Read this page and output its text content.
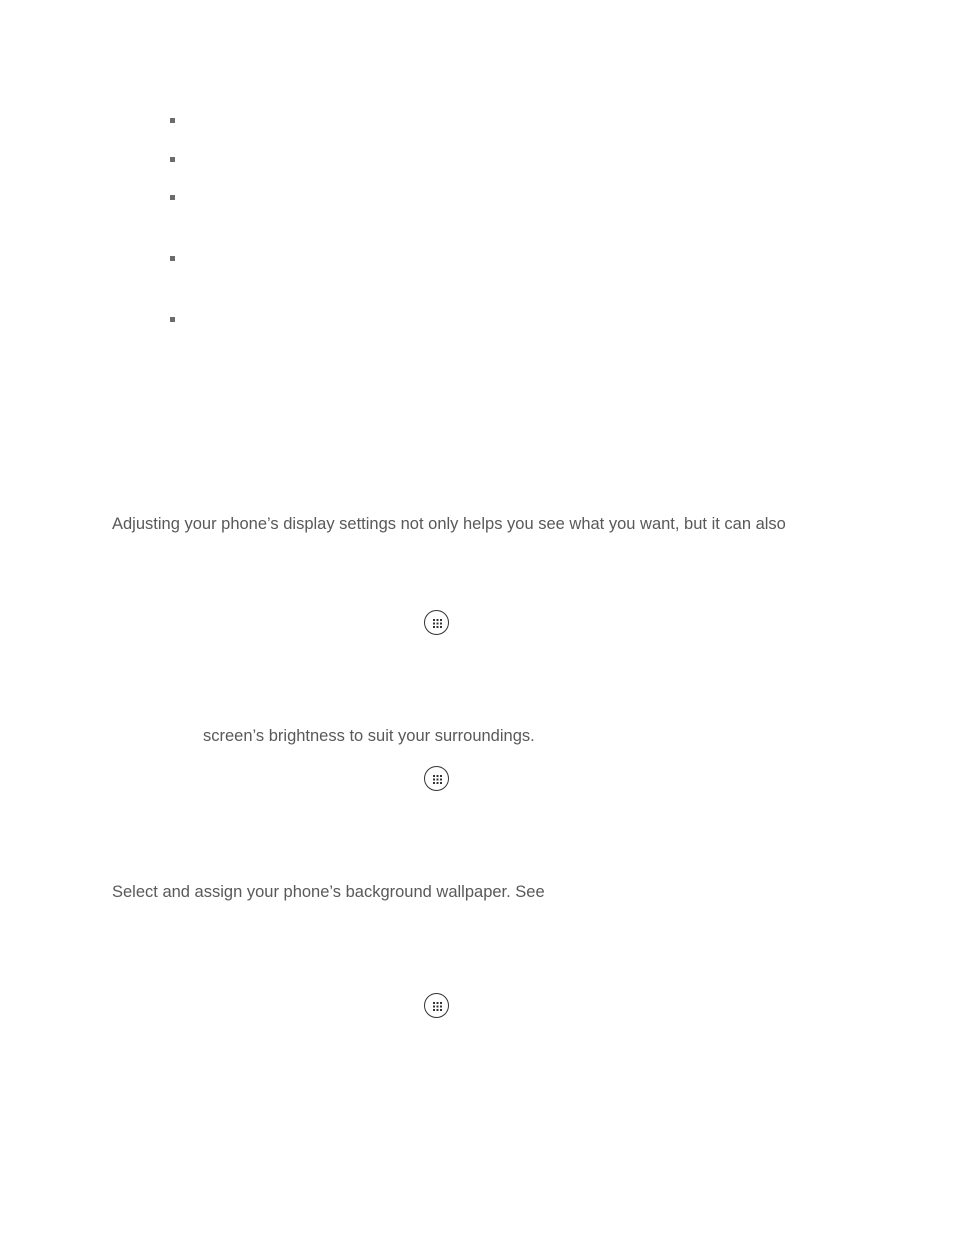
Adjusting your phone’s display settings not only helps you see what you want, but it can also
screen’s brightness to suit your surroundings.
Select and assign your phone’s background wallpaper. See
